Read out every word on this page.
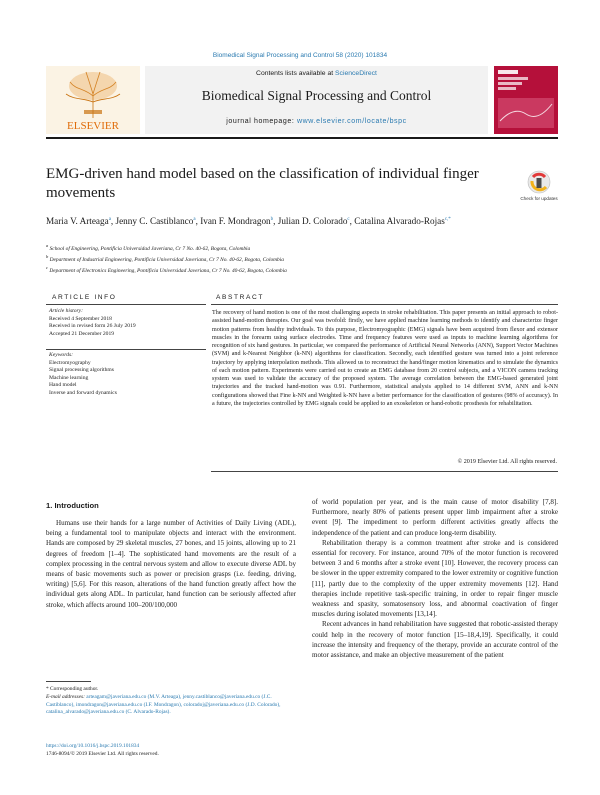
Biomedical Signal Processing and Control 58 (2020) 101834
ELSEVIER
Contents lists available at ScienceDirect
Biomedical Signal Processing and Control
journal homepage: www.elsevier.com/locate/bspc
EMG-driven hand model based on the classification of individual finger movements	Check for updates
Maria V. Arteaga$^a$, Jenny C. Castiblanco$^a$, Ivan F. Mondragon$^b$, Julian D. Colorado$^c$, Catalina Alvarado-Rojas$^{c,*}$
$^a$ School of Engineering, Pontificia Universidad Javeriana, Cr 7 No. 40-62, Bogota, Colombia
$^b$ Department of Industrial Engineering, Pontificia Universidad Javeriana, Cr 7 No. 40-62, Bogota, Colombia
$^c$ Department of Electronics Engineering, Pontificia Universidad Javeriana, Cr 7 No. 40-62, Bogota, Colombia
ARTICLE INFO	ABSTRACT
Article history:
Received 4 September 2018
Received in revised form 26 July 2019
Accepted 21 December 2019
Keywords:
Electromyography
Signal processing algorithms
Machine learning
Hand model
Inverse and forward dynamics
The recovery of hand motion is one of the most challenging aspects in stroke rehabilitation. This paper presents an initial approach to robot-assisted hand-motion therapies. Our goal was twofold: firstly, we have applied machine learning methods to identify and characterize finger motion patterns from healthy individuals. To this purpose, Electromyographic (EMG) signals have been acquired from flexor and extensor muscles in the forearm using surface electrodes. Time and frequency features were used as inputs to machine learning algorithms for recognition of six hand gestures. In particular, we compared the performance of Artificial Neural Networks (ANN), Support Vector Machines (SVM) and k-Nearest Neighbor (k-NN) algorithms for classification. Secondly, each identified gesture was turned into a joint reference trajectory by applying interpolation methods. This allowed us to reconstruct the hand/finger motion kinematics and to simulate the dynamics of each motion pattern. Experiments were carried out to create an EMG database from 20 control subjects, and a VICON camera tracking system was used to validate the accuracy of the proposed system. The average correlation between the EMG-based generated joint trajectories and the tracked hand-motion was 0.91. Furthermore, statistical analysis applied to 14 different SVM, ANN and k-NN configurations showed that Fine k-NN and Weighted k-NN have a better performance for the classification of gestures (98% of accuracy). In a future, the trajectories controlled by EMG signals could be applied to an exoskeleton or hand-robotic prosthesis for rehabilitation.
© 2019 Elsevier Ltd. All rights reserved.
1. Introduction

Humans use their hands for a large number of Activities of Daily Living (ADL), being a fundamental tool to manipulate objects and interact with the environment. Hands are composed by 29 skeletal muscles, 27 bones, and 15 joints, allowing up to 21 degrees of freedom [1–4]. The sophisticated hand movements are the result of a complex processing in the central nervous system and allow to execute diverse ADL by means of basic movements such as power or precision grasps (i.e. feeding, driving, writing) [5,6]. For this reason, alterations of the hand function greatly affect how the individual gets along ADL. In particular, hand function can be seriously affected after stroke, which affects around 100–200/100,000

of world population per year, and is the main cause of motor disability [7,8]. Furthermore, nearly 80% of patients present upper limb impairment after a stroke event [9]. The impediment to perform different activities greatly affects the independence of the patient and can produce long-term disability.

Rehabilitation therapy is a common treatment after stroke and is considered essential for recovery. For instance, around 70% of the motor function is recovered between 3 and 6 months after a stroke event [10]. However, the recovery process can be slower in the upper extremity compared to the lower extremity or cognitive function [11], partly due to the complexity of the upper extremity movements [12]. Hand therapies include repetitive task-specific training, in order to repair finger muscle weakness and spasity, somatosensory loss, and abnormal coactivation of finger muscles during isolated movements [13,14].

Recent advances in hand rehabilitation have suggested that robotic-assisted therapy could help in the recovery of motor function [15–18,4,19]. Specifically, it could increase the intensity and frequency of the therapy, provide an accurate control of the motor assistance, and make an objective measurement of the patient

* Corresponding author.
E-mail addresses: arteagam@javeriana.edu.co (M.V. Arteaga), jenny.castiblanco@javeriana.edu.co (J.C. Castiblanco), imondragon@javeriana.edu.co (I.F. Mondragon), coloradoj@javeriana.edu.co (J.D. Colorado), catalina_alvarado@javeriana.edu.co (C. Alvarado-Rojas).
https://doi.org/10.1016/j.bspc.2019.101834
1746-8094/© 2019 Elsevier Ltd. All rights reserved.
